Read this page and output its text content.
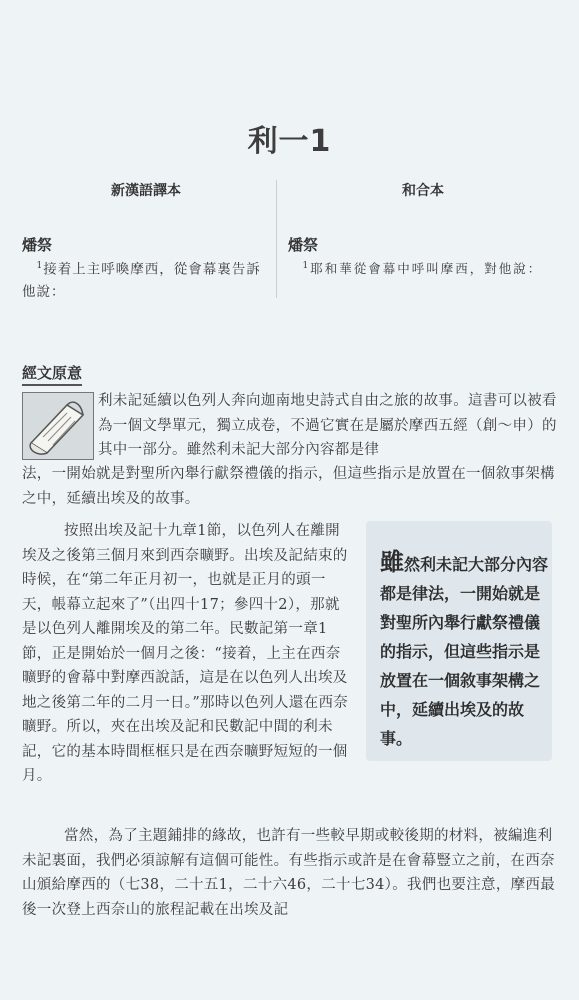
利一1
新漢語譯本
燔祭
　$^1$接着上主呼喚摩西，從會幕裏告訴他說：
和合本
燔祭
　$^1$耶和華從會幕中呼叫摩西，對他說：
經文原意
利未記延續以色列人奔向迦南地史詩式自由之旅的故事。這書可以被看為一個文學單元，獨立成卷，不過它實在是屬於摩西五經（創～申）的其中一部分。雖然利未記大部分內容都是律
法，一開始就是對聖所內舉行獻祭禮儀的指示，但這些指示是放置在一個敘事架構之中，延續出埃及的故事。
按照出埃及記十九章1節，以色列人在離開埃及之後第三個月來到西奈曠野。出埃及記結束的時候，在“第二年正月初一，也就是正月的頭一天，帳幕立起來了”（出四十17；參四十2），那就是以色列人離開埃及的第二年。民數記第一章1節，正是開始於一個月之後：“接着，上主在西奈曠野的會幕中對摩西說話，這是在以色列人出埃及地之後第二年的二月一日。”那時以色列人還在西奈曠野。所以，夾在出埃及記和民數記中間的利未記，它的基本時間框框只是在西奈曠野短短的一個月。
雖然利未記大部分內容都是律法，一開始就是對聖所內舉行獻祭禮儀的指示，但這些指示是放置在一個敘事架構之中，延續出埃及的故事。
當然，為了主題鋪排的緣故，也許有一些較早期或較後期的材料，被編進利未記裏面，我們必須諒解有這個可能性。有些指示或許是在會幕豎立之前，在西奈山頒給摩西的（七38，二十五1，二十六46，二十七34）。我們也要注意，摩西最後一次登上西奈山的旅程記載在出埃及記
